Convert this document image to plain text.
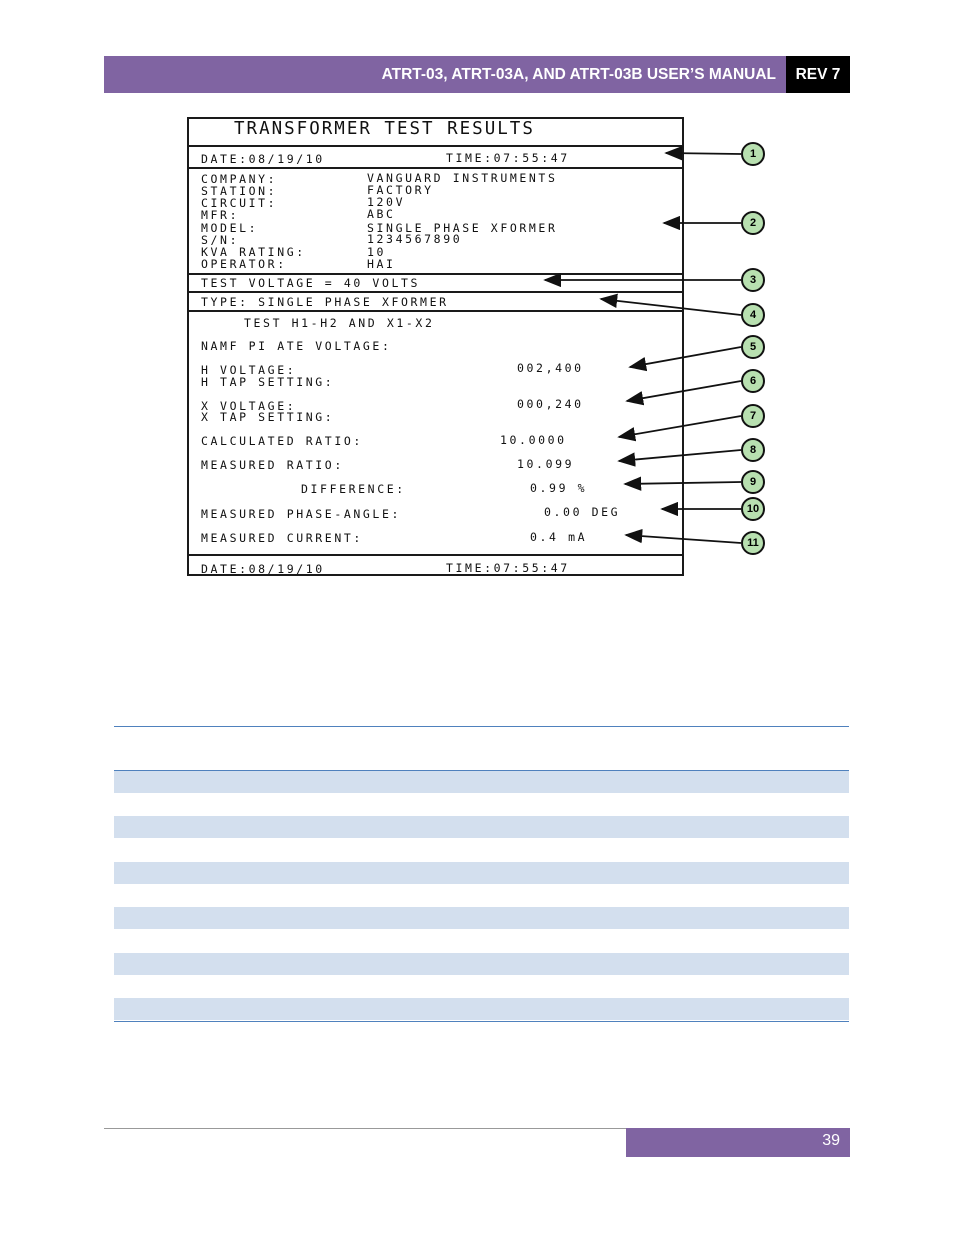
ATRT-03, ATRT-03A, AND ATRT-03B USER’S MANUAL	REV 7
TRANSFORMER TEST RESULTS
DATE:08/19/10	TIME:07:55:47
COMPANY:	VANGUARD INSTRUMENTS
STATION:	FACTORY
CIRCUIT:	120V
MFR:	ABC
MODEL:	SINGLE PHASE XFORMER
S/N:	1234567890
KVA RATING:	10
OPERATOR:	HAI
TEST VOLTAGE = 40 VOLTS
TYPE: SINGLE PHASE XFORMER
TEST H1-H2 AND X1-X2
NAMF PI ATE VOLTAGE:
H VOLTAGE:	002,400
H TAP SETTING:
X VOLTAGE:	000,240
X TAP SETTING:
CALCULATED RATIO:	10.0000
MEASURED RATIO:	10.099
DIFFERENCE:	0.99 %
MEASURED PHASE-ANGLE:	0.00 DEG
MEASURED CURRENT:	0.4 mA
DATE:08/19/10	TIME:07:55:47
1
2
3
4
5
6
7
8
9
10
11
39
